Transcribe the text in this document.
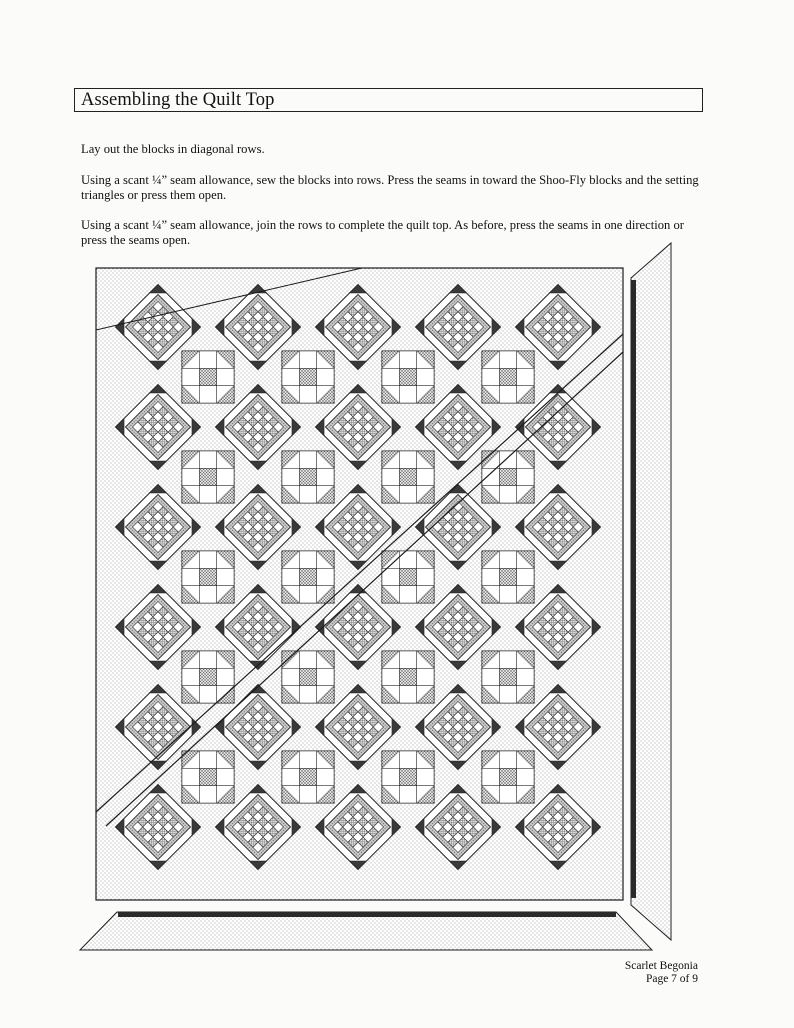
Assembling the Quilt Top

Lay out the blocks in diagonal rows.

Using a scant ¼” seam allowance, sew the blocks into rows. Press the seams in toward the Shoo-Fly blocks and the setting triangles or press them open.

Using a scant ¼” seam allowance, join the rows to complete the quilt top. As before, press the seams in one direction or press the seams open.

Scarlet Begonia
Page 7 of 9
